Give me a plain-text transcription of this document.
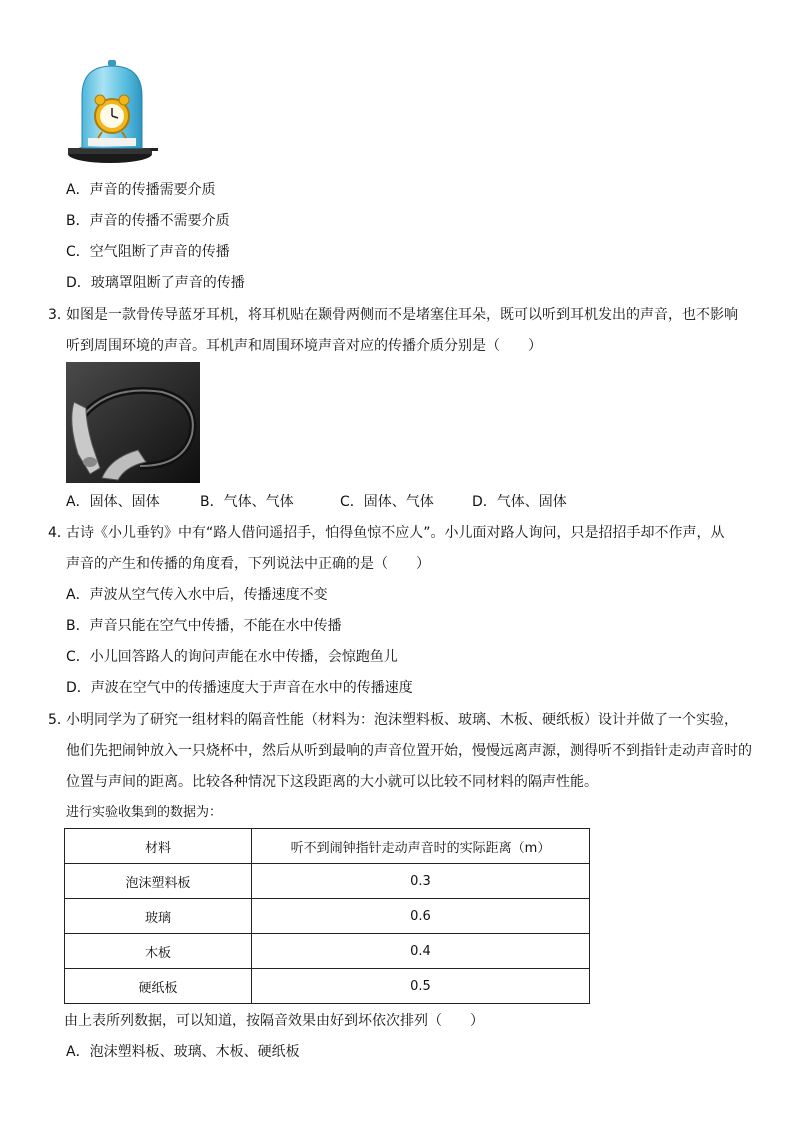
A．声音的传播需要介质
B．声音的传播不需要介质
C．空气阻断了声音的传播
D．玻璃罩阻断了声音的传播
3．
如图是一款骨传导蓝牙耳机，将耳机贴在颞骨两侧而不是堵塞住耳朵，既可以听到耳机发出的声音，也不影响
听到周围环境的声音。耳机声和周围环境声音对应的传播介质分别是（　　）
A．固体、固体	B．气体、气体	C．固体、气体	D．气体、固体
4．
古诗《小儿垂钓》中有“路人借问遥招手，怕得鱼惊不应人”。小儿面对路人询问，只是招招手却不作声，从
声音的产生和传播的角度看，下列说法中正确的是（　　）
A．声波从空气传入水中后，传播速度不变
B．声音只能在空气中传播，不能在水中传播
C．小儿回答路人的询问声能在水中传播，会惊跑鱼儿
D．声波在空气中的传播速度大于声音在水中的传播速度
5．
小明同学为了研究一组材料的隔音性能（材料为：泡沫塑料板、玻璃、木板、硬纸板）设计并做了一个实验，
他们先把闹钟放入一只烧杯中，然后从听到最响的声音位置开始，慢慢远离声源，测得听不到指针走动声音时的
位置与声间的距离。比较各种情况下这段距离的大小就可以比较不同材料的隔声性能。
进行实验收集到的数据为：
材料	听不到闹钟指针走动声音时的实际距离（m）
泡沫塑料板	0.3
玻璃	0.6
木板	0.4
硬纸板	0.5
由上表所列数据，可以知道，按隔音效果由好到坏依次排列（　　）
A．泡沫塑料板、玻璃、木板、硬纸板
